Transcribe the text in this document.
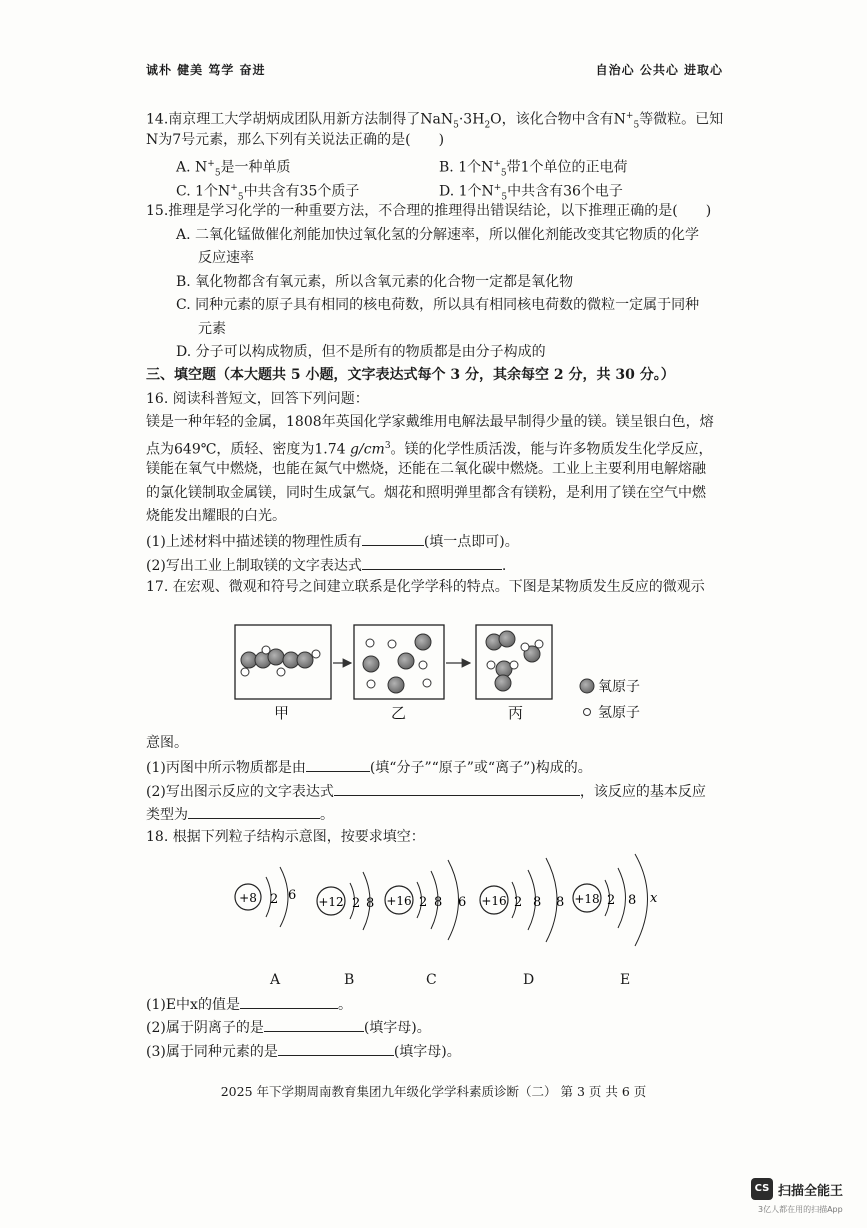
诚朴 健美 笃学 奋进	自治心 公共心 进取心
14.南京理工大学胡炳成团队用新方法制得了$NaN_5\cdot 3H_2O$，该化合物中含有$N^+_5$等微粒。已知
N为7号元素，那么下列有关说法正确的是(　　)
A. $N^+_5$是一种单质	B. 1个$N^+_5$带1个单位的正电荷
C. 1个$N^+_5$中共含有35个质子	D. 1个$N^+_5$中共含有36个电子
15.推理是学习化学的一种重要方法，不合理的推理得出错误结论，以下推理正确的是(　　)
A. 二氧化锰做催化剂能加快过氧化氢的分解速率，所以催化剂能改变其它物质的化学
反应速率
B. 氧化物都含有氧元素，所以含氧元素的化合物一定都是氧化物
C. 同种元素的原子具有相同的核电荷数，所以具有相同核电荷数的微粒一定属于同种
元素
D. 分子可以构成物质，但不是所有的物质都是由分子构成的
三、填空题（本大题共 5 小题，文字表达式每个 3 分，其余每空 2 分，共 30 分。）
16. 阅读科普短文，回答下列问题：
镁是一种年轻的金属，1808年英国化学家戴维用电解法最早制得少量的镁。镁呈银白色，熔
点为649℃，质轻、密度为1.74 $g/cm^3$。镁的化学性质活泼，能与许多物质发生化学反应，
镁能在氧气中燃烧，也能在氮气中燃烧，还能在二氧化碳中燃烧。工业上主要利用电解熔融
的氯化镁制取金属镁，同时生成氯气。烟花和照明弹里都含有镁粉，是利用了镁在空气中燃
烧能发出耀眼的白光。
(1)上述材料中描述镁的物理性质有	(填一点即可)。
(2)写出工业上制取镁的文字表达式	.
17. 在宏观、微观和符号之间建立联系是化学学科的特点。下图是某物质发生反应的微观示
甲	乙	丙
氧原子
氢原子
意图。
(1)丙图中所示物质都是由	(填“分子”“原子”或“离子”)构成的。
(2)写出图示反应的文字表达式	，该反应的基本反应
类型为	。
18. 根据下列粒子结构示意图，按要求填空：
+8 2 6 +12 2 8 +16 2 8 6 +16 2 8 8 +18 2 8 x
A	B	C	D	E
(1)E中x的值是	。
(2)属于阴离子的是	(填字母)。
(3)属于同种元素的是	(填字母)。
2025 年下学期周南教育集团九年级化学学科素质诊断（二） 第 3 页 共 6 页
CS 扫描全能王
3亿人都在用的扫描App
